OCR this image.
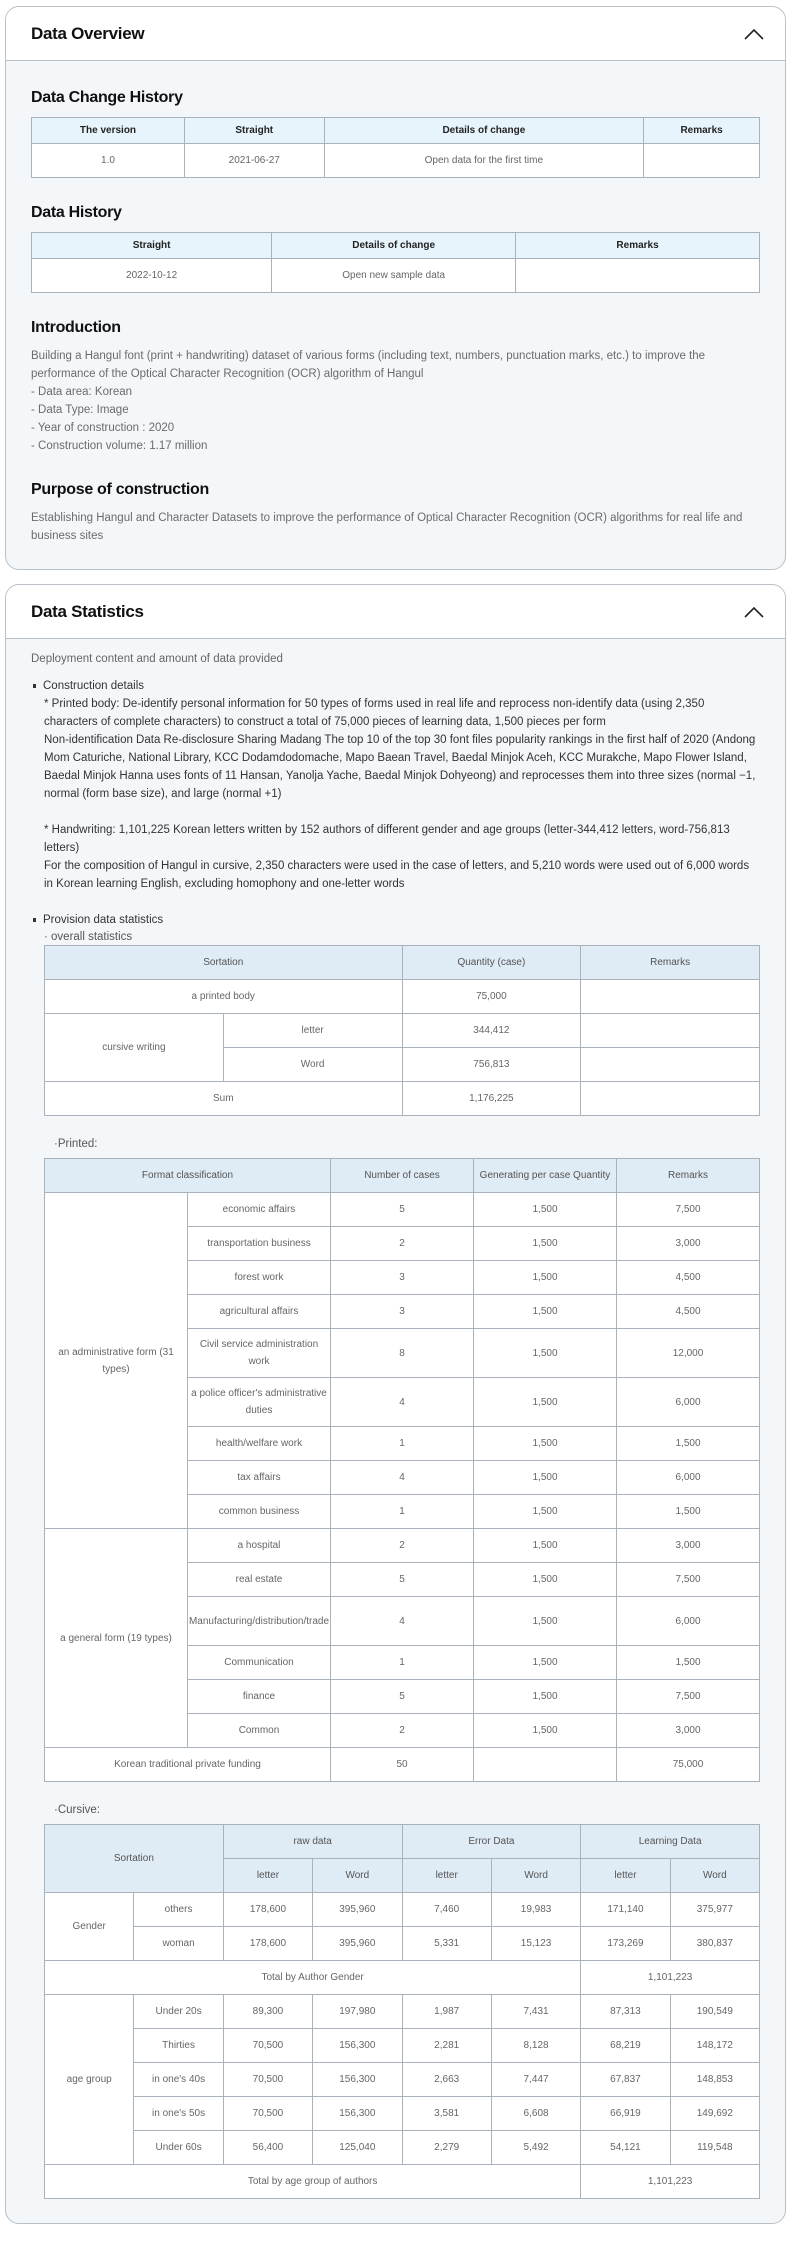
Data Overview
Data Change History
The version	Straight	Details of change	Remarks
1.0	2021-06-27	Open data for the first time	
Data History
Straight	Details of change	Remarks
2022-10-12	Open new sample data	
Introduction
Building a Hangul font (print + handwriting) dataset of various forms (including text, numbers, punctuation marks, etc.) to improve the performance of the Optical Character Recognition (OCR) algorithm of Hangul
- Data area: Korean
- Data Type: Image
- Year of construction : 2020
- Construction volume: 1.17 million
Purpose of construction

Establishing Hangul and Character Datasets to improve the performance of Optical Character Recognition (OCR) algorithms for real life and business sites

Data Statistics
Deployment content and amount of data provided
Construction details
* Printed body: De-identify personal information for 50 types of forms used in real life and reprocess non-identify data (using 2,350 characters of complete characters) to construct a total of 75,000 pieces of learning data, 1,500 pieces per form
Non-identification Data Re-disclosure Sharing Madang The top 10 of the top 30 font files popularity rankings in the first half of 2020 (Andong Mom Caturiche, National Library, KCC Dodamdodomache, Mapo Baean Travel, Baedal Minjok Aceh, KCC Murakche, Mapo Flower Island, Baedal Minjok Hanna uses fonts of 11 Hansan, Yanolja Yache, Baedal Minjok Dohyeong) and reprocesses them into three sizes (normal −1, normal (form base size), and large (normal +1)
* Handwriting: 1,101,225 Korean letters written by 152 authors of different gender and age groups (letter-344,412 letters, word-756,813 letters)
For the composition of Hangul in cursive, 2,350 characters were used in the case of letters, and 5,210 words were used out of 6,000 words in Korean learning English, excluding homophony and one-letter words
Provision data statistics
· overall statistics
Sortation		Quantity (case)	Remarks
a printed body		75,000	
cursive writing	letter	344,412	
	Word	756,813	
Sum		1,176,225	
·Printed:
Format classification		Number of cases	Generating per case Quantity	Remarks
an administrative form (31 types)	economic affairs	5	1,500	7,500
	transportation business	2	1,500	3,000
	forest work	3	1,500	4,500
	agricultural affairs	3	1,500	4,500
	Civil service administration work	8	1,500	12,000
	a police officer's administrative duties	4	1,500	6,000
	health/welfare work	1	1,500	1,500
	tax affairs	4	1,500	6,000
	common business	1	1,500	1,500
a general form (19 types)	a hospital	2	1,500	3,000
	real estate	5	1,500	7,500
	Manufacturing/distribution/trade	4	1,500	6,000
	Communication	1	1,500	1,500
	finance	5	1,500	7,500
	Common	2	1,500	3,000
Korean traditional private funding		50		75,000
·Cursive:
Sortation		raw data		Error Data		Learning Data	
		letter	Word	letter	Word	letter	Word
Gender	others	178,600	395,960	7,460	19,983	171,140	375,977
	woman	178,600	395,960	5,331	15,123	173,269	380,837
Total by Author Gender						1,101,223	
age group	Under 20s	89,300	197,980	1,987	7,431	87,313	190,549
	Thirties	70,500	156,300	2,281	8,128	68,219	148,172
	in one's 40s	70,500	156,300	2,663	7,447	67,837	148,853
	in one's 50s	70,500	156,300	3,581	6,608	66,919	149,692
	Under 60s	56,400	125,040	2,279	5,492	54,121	119,548
Total by age group of authors						1,101,223	
